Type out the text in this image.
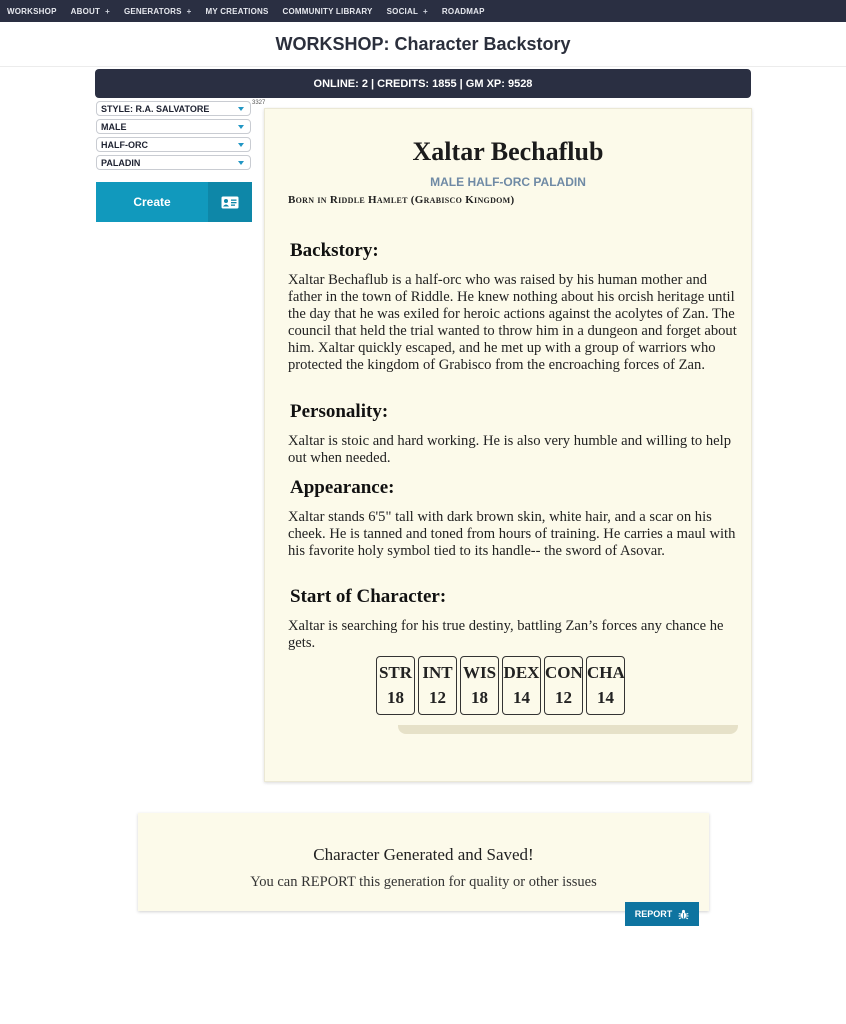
WORKSHOP ABOUT + GENERATORS + MY CREATIONS COMMUNITY LIBRARY SOCIAL + ROADMAP
WORKSHOP: Character Backstory
ONLINE: 2 | CREDITS: 1855 | GM XP: 9528
STYLE: R.A. SALVATORE
MALE
HALF-ORC
PALADIN
3327
Create
Xaltar Bechaflub
MALE HALF-ORC PALADIN
Born in Riddle Hamlet (Grabisco Kingdom)
Backstory:
Xaltar Bechaflub is a half-orc who was raised by his human mother and father in the town of Riddle. He knew nothing about his orcish heritage until the day that he was exiled for heroic actions against the acolytes of Zan. The council that held the trial wanted to throw him in a dungeon and forget about him. Xaltar quickly escaped, and he met up with a group of warriors who protected the kingdom of Grabisco from the encroaching forces of Zan.
Personality:
Xaltar is stoic and hard working. He is also very humble and willing to help out when needed.
Appearance:
Xaltar stands 6'5" tall with dark brown skin, white hair, and a scar on his cheek. He is tanned and toned from hours of training. He carries a maul with his favorite holy symbol tied to its handle-- the sword of Asovar.
Start of Character:
Xaltar is searching for his true destiny, battling Zan’s forces any chance he gets.
STR
18
INT
12
WIS
18
DEX
14
CON
12
CHA
14
Character Generated and Saved!
You can REPORT this generation for quality or other issues
REPORT
